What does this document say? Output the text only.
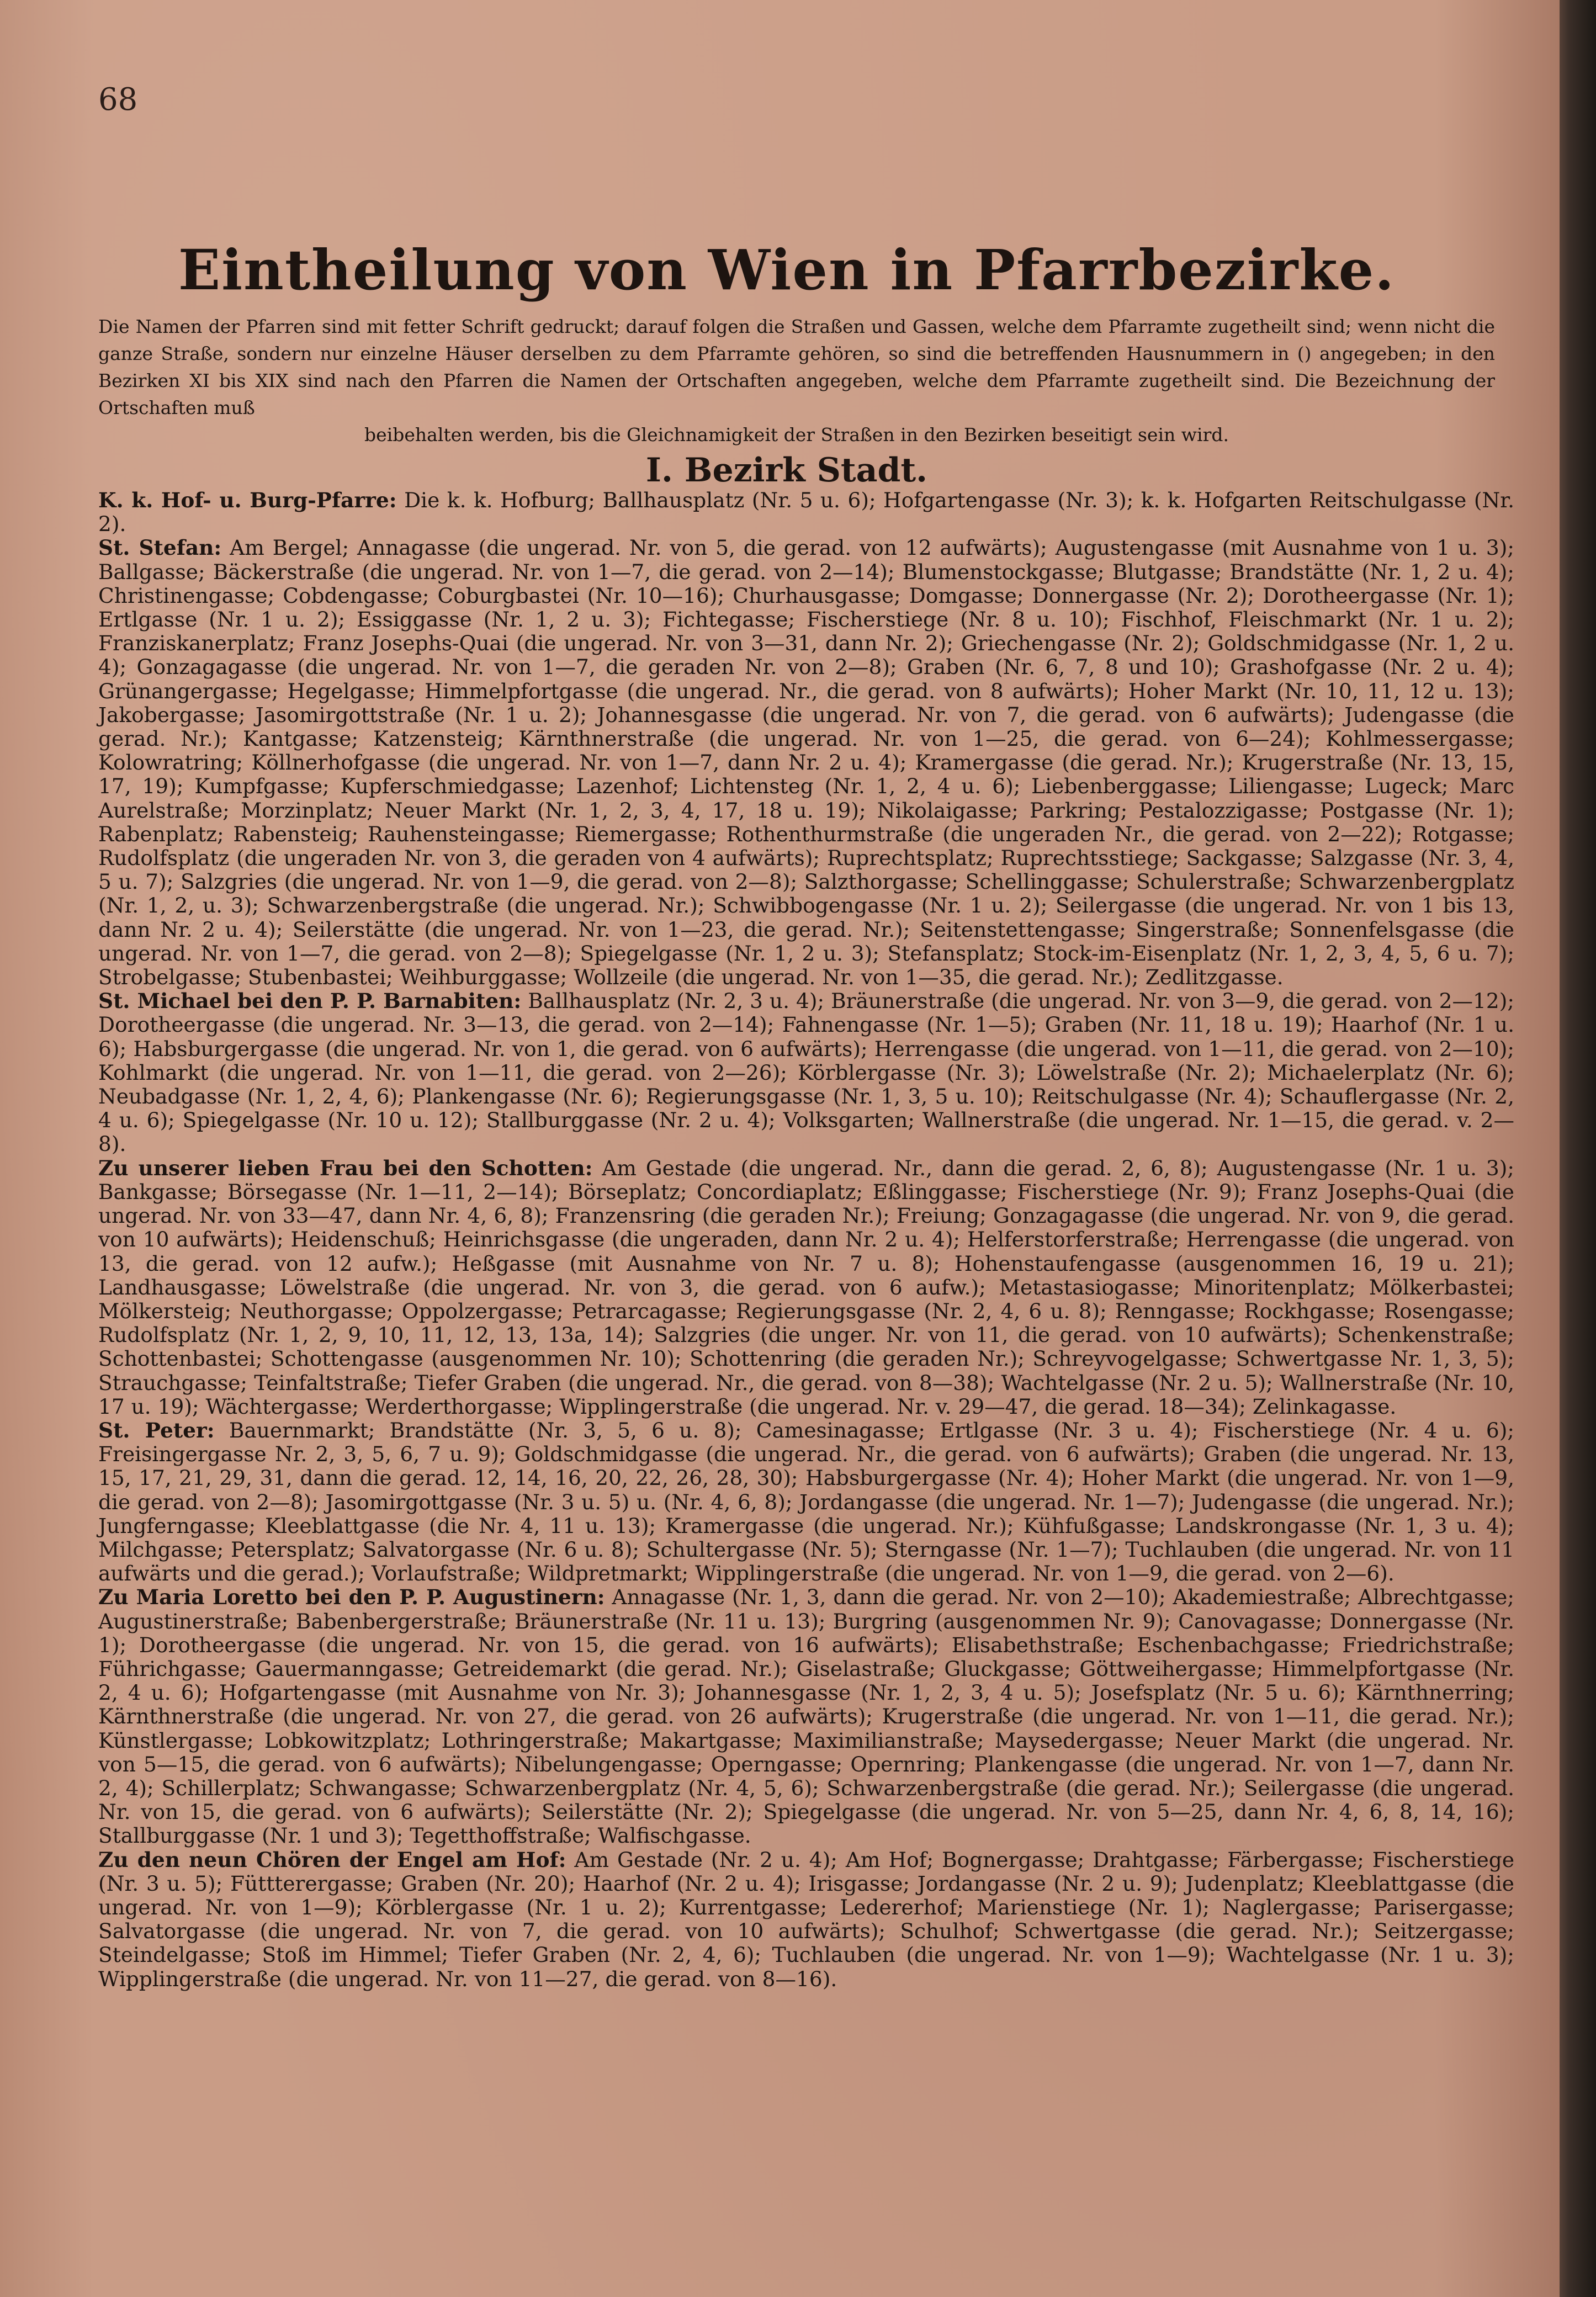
68
Eintheilung von Wien in Pfarrbezirke.
Die Namen der Pfarren sind mit fetter Schrift gedruckt; darauf folgen die Straßen und Gassen, welche dem Pfarramte zugetheilt sind; wenn nicht die ganze Straße, sondern nur einzelne Häuser derselben zu dem Pfarramte gehören, so sind die betreffenden Hausnummern in () angegeben; in den Bezirken XI bis XIX sind nach den Pfarren die Namen der Ortschaften angegeben, welche dem Pfarramte zugetheilt sind. Die Bezeichnung der Ortschaften muß
beibehalten werden, bis die Gleichnamigkeit der Straßen in den Bezirken beseitigt sein wird.
I. Bezirk Stadt.

K. k. Hof- u. Burg-Pfarre: Die k. k. Hofburg; Ballhausplatz (Nr. 5 u. 6); Hofgartengasse (Nr. 3); k. k. Hofgarten Reitschulgasse (Nr. 2).

St. Stefan: Am Bergel; Annagasse (die ungerad. Nr. von 5, die gerad. von 12 aufwärts); Augustengasse (mit Ausnahme von 1 u. 3); Ballgasse; Bäckerstraße (die ungerad. Nr. von 1—7, die gerad. von 2—14); Blumenstockgasse; Blutgasse; Brandstätte (Nr. 1, 2 u. 4); Christinengasse; Cobdengasse; Coburgbastei (Nr. 10—16); Churhausgasse; Domgasse; Donnergasse (Nr. 2); Dorotheergasse (Nr. 1); Ertlgasse (Nr. 1 u. 2); Essiggasse (Nr. 1, 2 u. 3); Fichtegasse; Fischerstiege (Nr. 8 u. 10); Fischhof, Fleischmarkt (Nr. 1 u. 2); Franziskanerplatz; Franz Josephs-Quai (die ungerad. Nr. von 3—31, dann Nr. 2); Griechengasse (Nr. 2); Goldschmidgasse (Nr. 1, 2 u. 4); Gonzagagasse (die ungerad. Nr. von 1—7, die geraden Nr. von 2—8); Graben (Nr. 6, 7, 8 und 10); Grashofgasse (Nr. 2 u. 4); Grünangergasse; Hegelgasse; Himmelpfortgasse (die ungerad. Nr., die gerad. von 8 aufwärts); Hoher Markt (Nr. 10, 11, 12 u. 13); Jakobergasse; Jasomirgottstraße (Nr. 1 u. 2); Johannesgasse (die ungerad. Nr. von 7, die gerad. von 6 aufwärts); Judengasse (die gerad. Nr.); Kantgasse; Katzensteig; Kärnthnerstraße (die ungerad. Nr. von 1—25, die gerad. von 6—24); Kohlmessergasse; Kolowratring; Köllnerhofgasse (die ungerad. Nr. von 1—7, dann Nr. 2 u. 4); Kramergasse (die gerad. Nr.); Krugerstraße (Nr. 13, 15, 17, 19); Kumpfgasse; Kupferschmiedgasse; Lazenhof; Lichtensteg (Nr. 1, 2, 4 u. 6); Liebenberggasse; Liliengasse; Lugeck; Marc Aurelstraße; Morzinplatz; Neuer Markt (Nr. 1, 2, 3, 4, 17, 18 u. 19); Nikolaigasse; Parkring; Pestalozzigasse; Postgasse (Nr. 1); Rabenplatz; Rabensteig; Rauhensteingasse; Riemergasse; Rothenthurmstraße (die ungeraden Nr., die gerad. von 2—22); Rotgasse; Rudolfsplatz (die ungeraden Nr. von 3, die geraden von 4 aufwärts); Ruprechtsplatz; Ruprechtsstiege; Sackgasse; Salzgasse (Nr. 3, 4, 5 u. 7); Salzgries (die ungerad. Nr. von 1—9, die gerad. von 2—8); Salzthorgasse; Schellinggasse; Schulerstraße; Schwarzenbergplatz (Nr. 1, 2, u. 3); Schwarzenbergstraße (die ungerad. Nr.); Schwibbogengasse (Nr. 1 u. 2); Seilergasse (die ungerad. Nr. von 1 bis 13, dann Nr. 2 u. 4); Seilerstätte (die ungerad. Nr. von 1—23, die gerad. Nr.); Seitenstettengasse; Singerstraße; Sonnenfelsgasse (die ungerad. Nr. von 1—7, die gerad. von 2—8); Spiegelgasse (Nr. 1, 2 u. 3); Stefansplatz; Stock-im-Eisenplatz (Nr. 1, 2, 3, 4, 5, 6 u. 7); Strobelgasse; Stubenbastei; Weihburggasse; Wollzeile (die ungerad. Nr. von 1—35, die gerad. Nr.); Zedlitzgasse.

St. Michael bei den P. P. Barnabiten: Ballhausplatz (Nr. 2, 3 u. 4); Bräunerstraße (die ungerad. Nr. von 3—9, die gerad. von 2—12); Dorotheergasse (die ungerad. Nr. 3—13, die gerad. von 2—14); Fahnengasse (Nr. 1—5); Graben (Nr. 11, 18 u. 19); Haarhof (Nr. 1 u. 6); Habsburgergasse (die ungerad. Nr. von 1, die gerad. von 6 aufwärts); Herrengasse (die ungerad. von 1—11, die gerad. von 2—10); Kohlmarkt (die ungerad. Nr. von 1—11, die gerad. von 2—26); Körblergasse (Nr. 3); Löwelstraße (Nr. 2); Michaelerplatz (Nr. 6); Neubadgasse (Nr. 1, 2, 4, 6); Plankengasse (Nr. 6); Regierungsgasse (Nr. 1, 3, 5 u. 10); Reitschulgasse (Nr. 4); Schauflergasse (Nr. 2, 4 u. 6); Spiegelgasse (Nr. 10 u. 12); Stallburggasse (Nr. 2 u. 4); Volksgarten; Wallnerstraße (die ungerad. Nr. 1—15, die gerad. v. 2—8).

Zu unserer lieben Frau bei den Schotten: Am Gestade (die ungerad. Nr., dann die gerad. 2, 6, 8); Augustengasse (Nr. 1 u. 3); Bankgasse; Börsegasse (Nr. 1—11, 2—14); Börseplatz; Concordiaplatz; Eßlinggasse; Fischerstiege (Nr. 9); Franz Josephs-Quai (die ungerad. Nr. von 33—47, dann Nr. 4, 6, 8); Franzensring (die geraden Nr.); Freiung; Gonzagagasse (die ungerad. Nr. von 9, die gerad. von 10 aufwärts); Heidenschuß; Heinrichsgasse (die ungeraden, dann Nr. 2 u. 4); Helferstorferstraße; Herrengasse (die ungerad. von 13, die gerad. von 12 aufw.); Heßgasse (mit Ausnahme von Nr. 7 u. 8); Hohenstaufengasse (ausgenommen 16, 19 u. 21); Landhausgasse; Löwelstraße (die ungerad. Nr. von 3, die gerad. von 6 aufw.); Metastasiogasse; Minoritenplatz; Mölkerbastei; Mölkersteig; Neuthorgasse; Oppolzergasse; Petrarcagasse; Regierungsgasse (Nr. 2, 4, 6 u. 8); Renngasse; Rockhgasse; Rosengasse; Rudolfsplatz (Nr. 1, 2, 9, 10, 11, 12, 13, 13a, 14); Salzgries (die unger. Nr. von 11, die gerad. von 10 aufwärts); Schenkenstraße; Schottenbastei; Schottengasse (ausgenommen Nr. 10); Schottenring (die geraden Nr.); Schreyvogelgasse; Schwertgasse Nr. 1, 3, 5); Strauchgasse; Teinfaltstraße; Tiefer Graben (die ungerad. Nr., die gerad. von 8—38); Wachtelgasse (Nr. 2 u. 5); Wallnerstraße (Nr. 10, 17 u. 19); Wächtergasse; Werderthorgasse; Wipplingerstraße (die ungerad. Nr. v. 29—47, die gerad. 18—34); Zelinkagasse.

St. Peter: Bauernmarkt; Brandstätte (Nr. 3, 5, 6 u. 8); Camesinagasse; Ertlgasse (Nr. 3 u. 4); Fischerstiege (Nr. 4 u. 6); Freisingergasse Nr. 2, 3, 5, 6, 7 u. 9); Goldschmidgasse (die ungerad. Nr., die gerad. von 6 aufwärts); Graben (die ungerad. Nr. 13, 15, 17, 21, 29, 31, dann die gerad. 12, 14, 16, 20, 22, 26, 28, 30); Habsburgergasse (Nr. 4); Hoher Markt (die ungerad. Nr. von 1—9, die gerad. von 2—8); Jasomirgottgasse (Nr. 3 u. 5) u. (Nr. 4, 6, 8); Jordangasse (die ungerad. Nr. 1—7); Judengasse (die ungerad. Nr.); Jungferngasse; Kleeblattgasse (die Nr. 4, 11 u. 13); Kramergasse (die ungerad. Nr.); Kühfußgasse; Landskrongasse (Nr. 1, 3 u. 4); Milchgasse; Petersplatz; Salvatorgasse (Nr. 6 u. 8); Schultergasse (Nr. 5); Sterngasse (Nr. 1—7); Tuchlauben (die ungerad. Nr. von 11 aufwärts und die gerad.); Vorlaufstraße; Wildpretmarkt; Wipplingerstraße (die ungerad. Nr. von 1—9, die gerad. von 2—6).

Zu Maria Loretto bei den P. P. Augustinern: Annagasse (Nr. 1, 3, dann die gerad. Nr. von 2—10); Akademiestraße; Albrechtgasse; Augustinerstraße; Babenbergerstraße; Bräunerstraße (Nr. 11 u. 13); Burgring (ausgenommen Nr. 9); Canovagasse; Donnergasse (Nr. 1); Dorotheergasse (die ungerad. Nr. von 15, die gerad. von 16 aufwärts); Elisabethstraße; Eschenbachgasse; Friedrichstraße; Führichgasse; Gauermanngasse; Getreidemarkt (die gerad. Nr.); Giselastraße; Gluckgasse; Göttweihergasse; Himmelpfortgasse (Nr. 2, 4 u. 6); Hofgartengasse (mit Ausnahme von Nr. 3); Johannesgasse (Nr. 1, 2, 3, 4 u. 5); Josefsplatz (Nr. 5 u. 6); Kärnthnerring; Kärnthnerstraße (die ungerad. Nr. von 27, die gerad. von 26 aufwärts); Krugerstraße (die ungerad. Nr. von 1—11, die gerad. Nr.); Künstlergasse; Lobkowitzplatz; Lothringerstraße; Makartgasse; Maximilianstraße; Maysedergasse; Neuer Markt (die ungerad. Nr. von 5—15, die gerad. von 6 aufwärts); Nibelungengasse; Operngasse; Opernring; Plankengasse (die ungerad. Nr. von 1—7, dann Nr. 2, 4); Schillerplatz; Schwangasse; Schwarzenbergplatz (Nr. 4, 5, 6); Schwarzenbergstraße (die gerad. Nr.); Seilergasse (die ungerad. Nr. von 15, die gerad. von 6 aufwärts); Seilerstätte (Nr. 2); Spiegelgasse (die ungerad. Nr. von 5—25, dann Nr. 4, 6, 8, 14, 16); Stallburggasse (Nr. 1 und 3); Tegetthoffstraße; Walfischgasse.

Zu den neun Chören der Engel am Hof: Am Gestade (Nr. 2 u. 4); Am Hof; Bognergasse; Drahtgasse; Färbergasse; Fischerstiege (Nr. 3 u. 5); Füttterergasse; Graben (Nr. 20); Haarhof (Nr. 2 u. 4); Irisgasse; Jordangasse (Nr. 2 u. 9); Judenplatz; Kleeblattgasse (die ungerad. Nr. von 1—9); Körblergasse (Nr. 1 u. 2); Kurrentgasse; Ledererhof; Marienstiege (Nr. 1); Naglergasse; Parisergasse; Salvatorgasse (die ungerad. Nr. von 7, die gerad. von 10 aufwärts); Schulhof; Schwertgasse (die gerad. Nr.); Seitzergasse; Steindelgasse; Stoß im Himmel; Tiefer Graben (Nr. 2, 4, 6); Tuchlauben (die ungerad. Nr. von 1—9); Wachtelgasse (Nr. 1 u. 3); Wipplingerstraße (die ungerad. Nr. von 11—27, die gerad. von 8—16).
